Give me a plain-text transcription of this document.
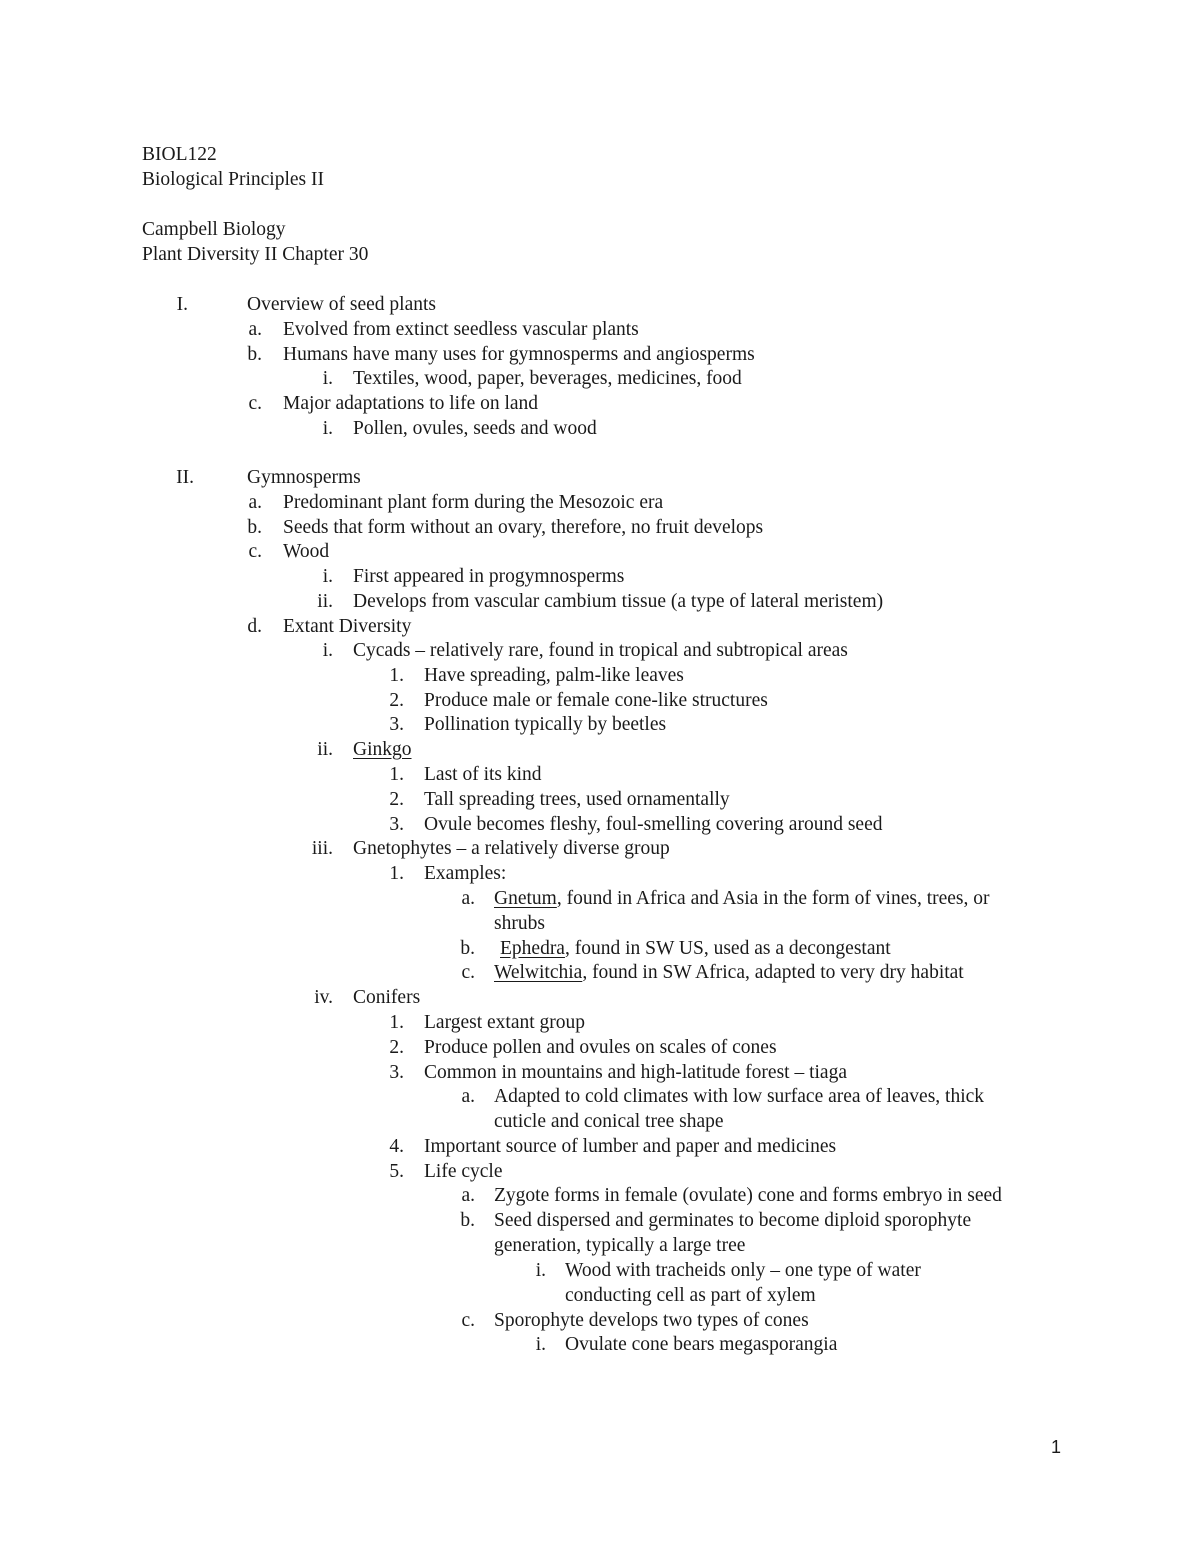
BIOL122
Biological Principles II
Campbell Biology
Plant Diversity II Chapter 30
I.	Overview of seed plants
a. Evolved from extinct seedless vascular plants
b. Humans have many uses for gymnosperms and angiosperms
i. Textiles, wood, paper, beverages, medicines, food
c. Major adaptations to life on land
i. Pollen, ovules, seeds and wood
II.	Gymnosperms
a. Predominant plant form during the Mesozoic era
b. Seeds that form without an ovary, therefore, no fruit develops
c. Wood
i. First appeared in progymnosperms
ii. Develops from vascular cambium tissue (a type of lateral meristem)
d. Extant Diversity
i. Cycads – relatively rare, found in tropical and subtropical areas
1. Have spreading, palm-like leaves
2. Produce male or female cone-like structures
3. Pollination typically by beetles
ii. Ginkgo
1. Last of its kind
2. Tall spreading trees, used ornamentally
3. Ovule becomes fleshy, foul-smelling covering around seed
iii. Gnetophytes – a relatively diverse group
1. Examples:
a. Gnetum, found in Africa and Asia in the form of vines, trees, or
shrubs
b. Ephedra, found in SW US, used as a decongestant
c. Welwitchia, found in SW Africa, adapted to very dry habitat
iv. Conifers
1. Largest extant group
2. Produce pollen and ovules on scales of cones
3. Common in mountains and high-latitude forest – tiaga
a. Adapted to cold climates with low surface area of leaves, thick
cuticle and conical tree shape
4. Important source of lumber and paper and medicines
5. Life cycle
a. Zygote forms in female (ovulate) cone and forms embryo in seed
b. Seed dispersed and germinates to become diploid sporophyte
generation, typically a large tree
i. Wood with tracheids only – one type of water
conducting cell as part of xylem
c. Sporophyte develops two types of cones
i. Ovulate cone bears megasporangia
1
